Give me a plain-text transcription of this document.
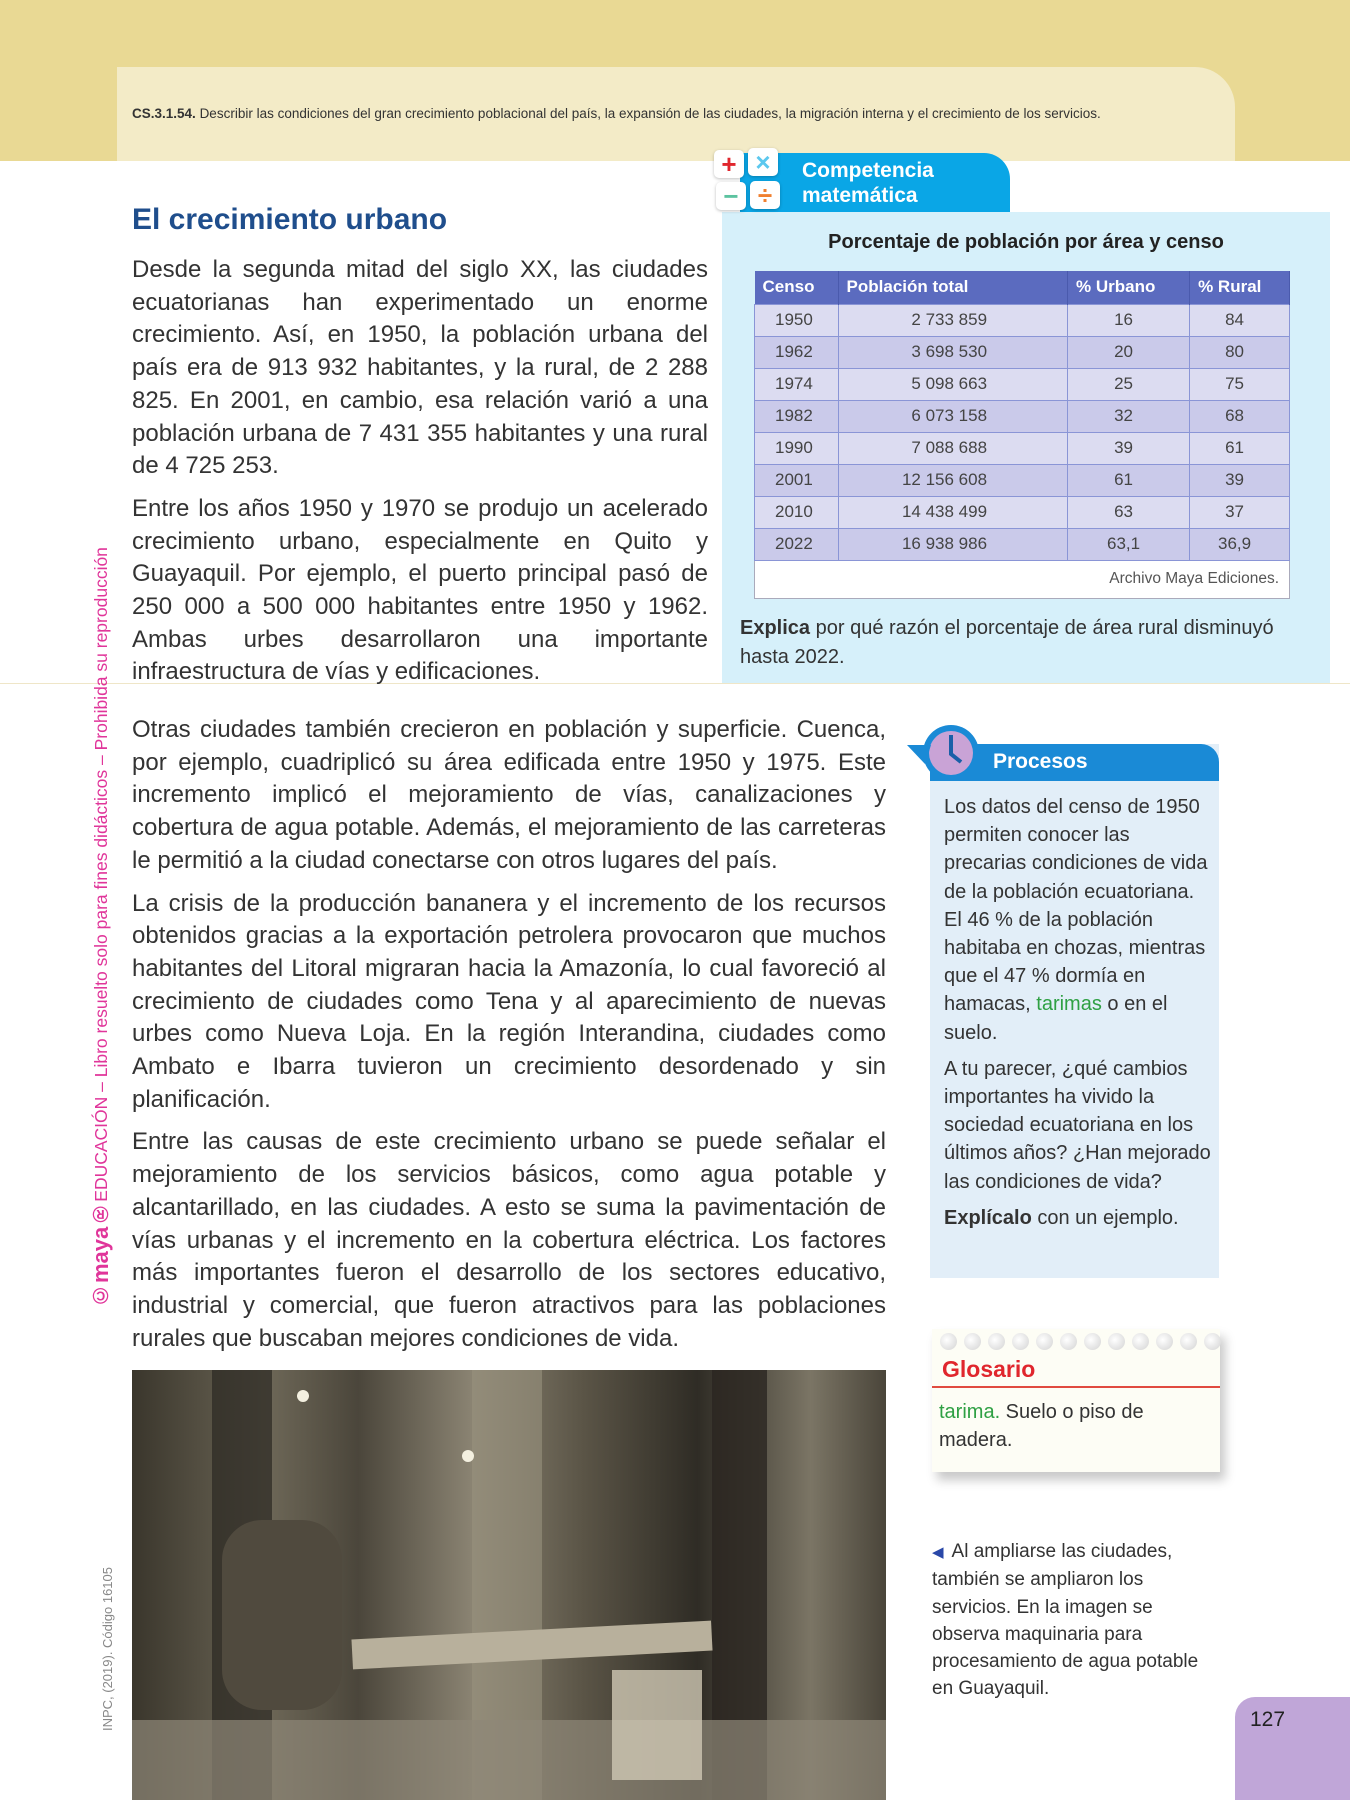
CS.3.1.54. Describir las condiciones del gran crecimiento poblacional del país, la expansión de las ciudades, la migración interna y el crecimiento de los servicios.
El crecimiento urbano

Desde la segunda mitad del siglo XX, las ciudades ecuatorianas han experimentado un enorme crecimiento. Así, en 1950, la población urbana del país era de 913 932 habitantes, y la rural, de 2 288 825. En 2001, en cambio, esa relación varió a una población urbana de 7 431 355 habitantes y una rural de 4 725 253.

Entre los años 1950 y 1970 se produjo un acelerado crecimiento urbano, especialmente en Quito y Guayaquil. Por ejemplo, el puerto principal pasó de 250 000 a 500 000 habitantes entre 1950 y 1962. Ambas urbes desarrollaron una importante infraestructura de vías y edificaciones.

Competencia
matemática
+ ×
− ÷
Porcentaje de población por área y censo
Censo	Población total	% Urbano	% Rural
1950	2 733 859	16	84
1962	3 698 530	20	80
1974	5 098 663	25	75
1982	6 073 158	32	68
1990	7 088 688	39	61
2001	12 156 608	61	39
2010	14 438 499	63	37
2022	16 938 986	63,1	36,9
Archivo Maya Ediciones.			
Explica por qué razón el porcentaje de área rural disminuyó hasta 2022.

Otras ciudades también crecieron en población y superficie. Cuenca, por ejemplo, cuadriplicó su área edificada entre 1950 y 1975. Este incremento implicó el mejoramiento de vías, canalizaciones y cobertura de agua potable. Además, el mejoramiento de las carreteras le permitió a la ciudad conectarse con otros lugares del país.

La crisis de la producción bananera y el incremento de los recursos obtenidos gracias a la exportación petrolera provocaron que muchos habitantes del Litoral migraran hacia la Amazonía, lo cual favoreció al crecimiento de ciudades como Tena y al aparecimiento de nuevas urbes como Nueva Loja. En la región Interandina, ciudades como Ambato e Ibarra tuvieron un crecimiento desordenado y sin planificación.

Entre las causas de este crecimiento urbano se puede señalar el mejoramiento de los servicios básicos, como agua potable y alcantarillado, en las ciudades. A esto se suma la pavimentación de vías urbanas y el incremento en la cobertura eléctrica. Los factores más importantes fueron el desarrollo de los sectores educativo, industrial y comercial, que fueron atractivos para las poblaciones rurales que buscaban mejores condiciones de vida.

Procesos

Los datos del censo de 1950 permiten conocer las precarias condiciones de vida de la población ecuatoriana. El 46 % de la población habitaba en chozas, mientras que el 47 % dormía en hamacas, tarimas o en el suelo.

A tu parecer, ¿qué cambios importantes ha vivido la sociedad ecuatoriana en los últimos años? ¿Han mejorado las condiciones de vida?

Explícalo con un ejemplo.

Glosario
tarima. Suelo o piso de madera.
◀ Al ampliarse las ciudades, también se ampliaron los servicios. En la imagen se observa maquinaria para procesamiento de agua potable en Guayaquil.
©maya®EDUCACIÓN – Libro resuelto solo para fines didácticos – Prohibida su reproducción
INPC, (2019). Código 16105	127
